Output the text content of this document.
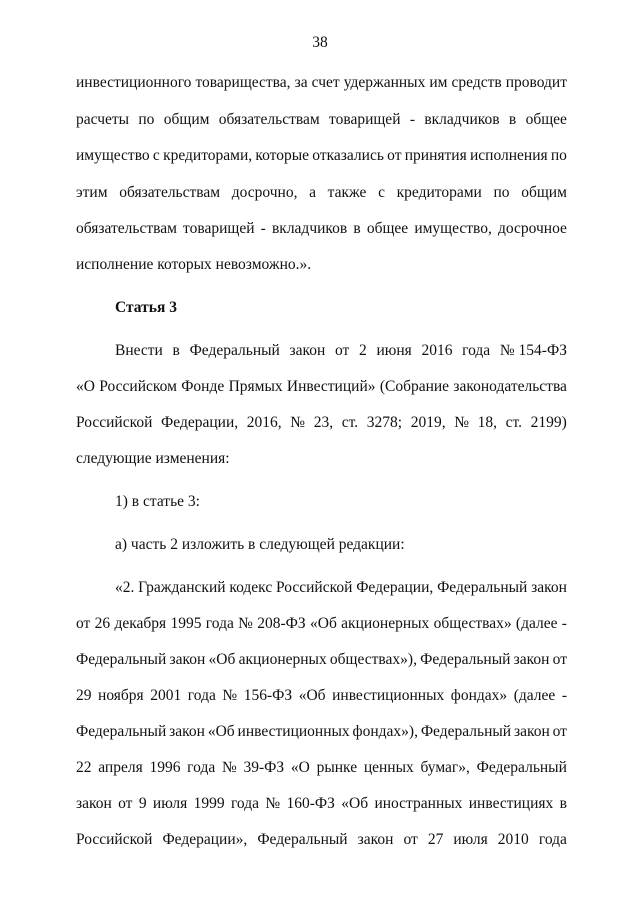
38
инвестиционного товарищества, за счет удержанных им средств проводит
расчеты по общим обязательствам товарищей - вкладчиков в общее
имущество с кредиторами, которые отказались от принятия исполнения по
этим обязательствам досрочно, а также с кредиторами по общим
обязательствам товарищей - вкладчиков в общее имущество, досрочное
исполнение которых невозможно.».
Статья 3
Внести в Федеральный закон от 2 июня 2016 года № 154-ФЗ
«О Российском Фонде Прямых Инвестиций» (Собрание законодательства
Российской Федерации, 2016, № 23, ст. 3278; 2019, № 18, ст. 2199)
следующие изменения:
1) в статье 3:
а) часть 2 изложить в следующей редакции:
«2. Гражданский кодекс Российской Федерации, Федеральный закон
от 26 декабря 1995 года № 208-ФЗ «Об акционерных обществах» (далее -
Федеральный закон «Об акционерных обществах»), Федеральный закон от
29 ноября 2001 года № 156-ФЗ «Об инвестиционных фондах» (далее -
Федеральный закон «Об инвестиционных фондах»), Федеральный закон от
22 апреля 1996 года № 39-ФЗ «О рынке ценных бумаг», Федеральный
закон от 9 июля 1999 года № 160-ФЗ «Об иностранных инвестициях в
Российской Федерации», Федеральный закон от 27 июля 2010 года
